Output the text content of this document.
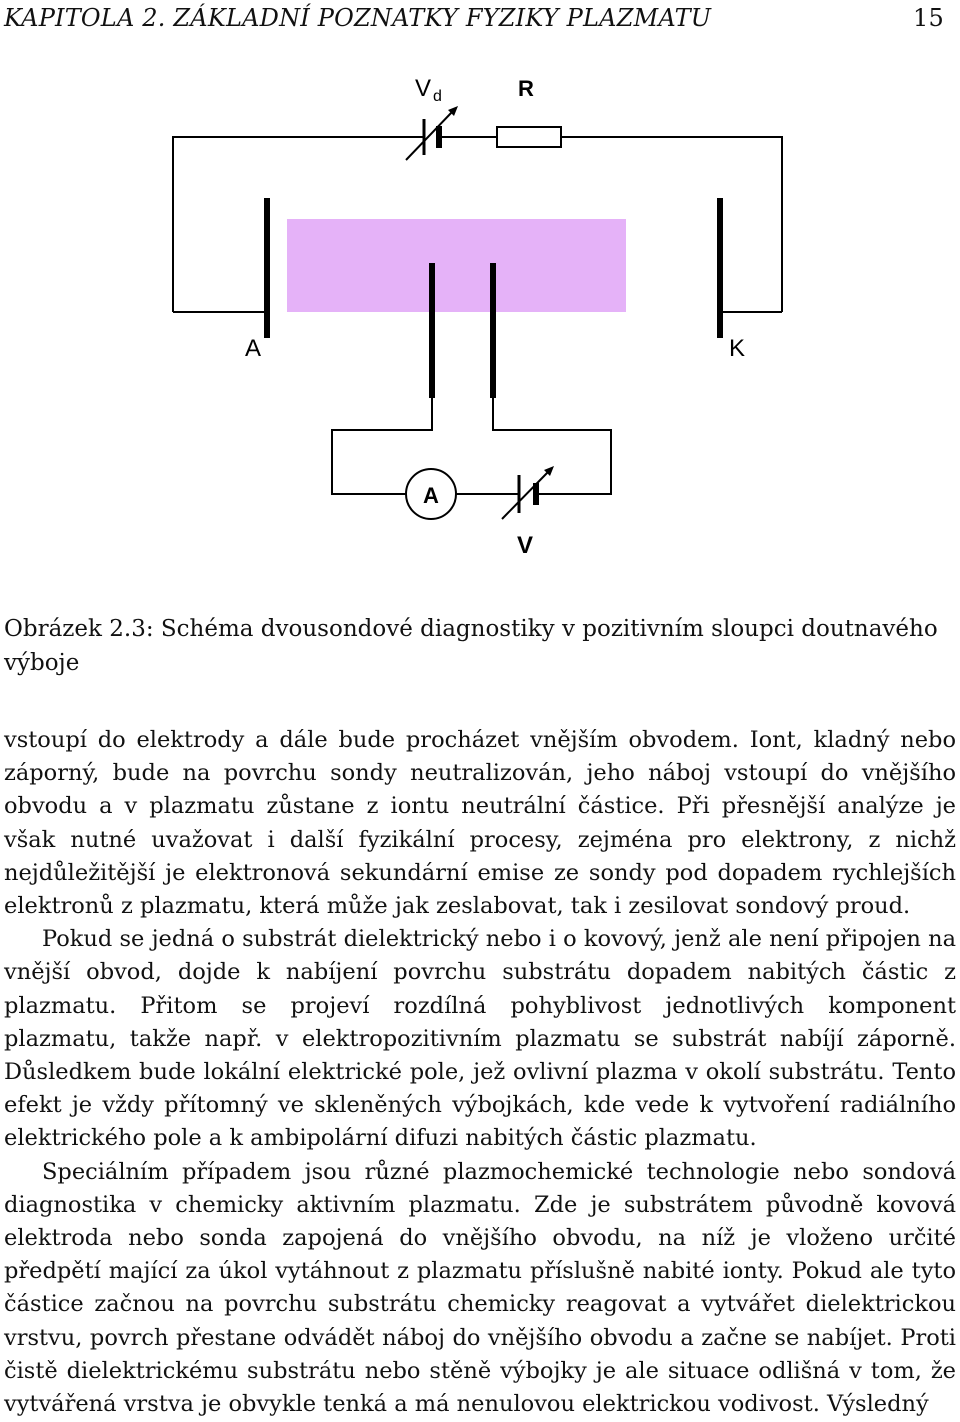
KAPITOLA 2. ZÁKLADNÍ POZNATKY FYZIKY PLAZMATU	15
V $_d$	R
A	K
A
V
Obrázek 2.3: Schéma dvousondové diagnostiky v pozitivním sloupci doutnavého výboje

vstoupí do elektrody a dále bude procházet vnějším obvodem. Iont, kladný nebo záporný, bude na povrchu sondy neutralizován, jeho náboj vstoupí do vnějšího obvodu a v plazmatu zůstane z iontu neutrální částice. Při přesnější analýze je však nutné uvažovat i další fyzikální procesy, zejména pro elektrony, z nichž nejdůležitější je elektronová sekundární emise ze sondy pod dopadem rychlejších elektronů z plazmatu, která může jak zeslabovat, tak i zesilovat sondový proud.

Pokud se jedná o substrát dielektrický nebo i o kovový, jenž ale není připojen na vnější obvod, dojde k nabíjení povrchu substrátu dopadem nabitých částic z plazmatu. Přitom se projeví rozdílná pohyblivost jednotlivých komponent plazmatu, takže např. v elektropozitivním plazmatu se substrát nabíjí záporně. Důsledkem bude lokální elektrické pole, jež ovlivní plazma v okolí substrátu. Tento efekt je vždy přítomný ve skleněných výbojkách, kde vede k vytvoření radiálního elektrického pole a k ambipolární difuzi nabitých částic plazmatu.

Speciálním případem jsou různé plazmochemické technologie nebo sondová diagnostika v chemicky aktivním plazmatu. Zde je substrátem původně kovová elektroda nebo sonda zapojená do vnějšího obvodu, na níž je vloženo určité předpětí mající za úkol vytáhnout z plazmatu příslušně nabité ionty. Pokud ale tyto částice začnou na povrchu substrátu chemicky reagovat a vytvářet dielektrickou vrstvu, povrch přestane odvádět náboj do vnějšího obvodu a začne se nabíjet. Proti čistě dielektrickému substrátu nebo stěně výbojky je ale situace odlišná v tom, že vytvářená vrstva je obvykle tenká a má nenulovou elektrickou vodivost. Výsledný
